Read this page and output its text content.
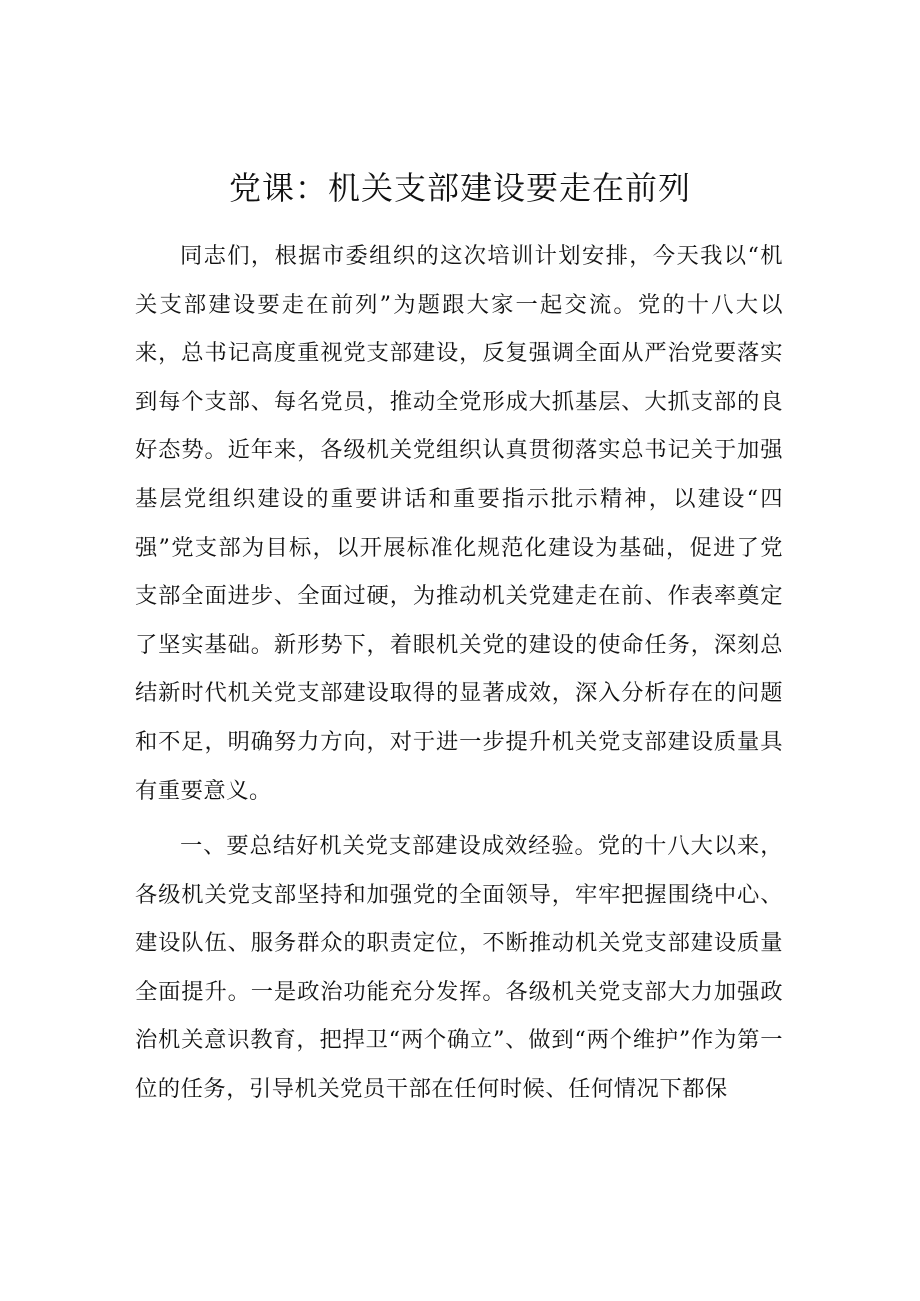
党课：机关支部建设要走在前列

同志们，根据市委组织的这次培训计划安排，今天我以“机关支部建设要走在前列”为题跟大家一起交流。党的十八大以来，总书记高度重视党支部建设，反复强调全面从严治党要落实到每个支部、每名党员，推动全党形成大抓基层、大抓支部的良好态势。近年来，各级机关党组织认真贯彻落实总书记关于加强基层党组织建设的重要讲话和重要指示批示精神，以建设“四强”党支部为目标，以开展标准化规范化建设为基础，促进了党支部全面进步、全面过硬，为推动机关党建走在前、作表率奠定了坚实基础。新形势下，着眼机关党的建设的使命任务，深刻总结新时代机关党支部建设取得的显著成效，深入分析存在的问题和不足，明确努力方向，对于进一步提升机关党支部建设质量具有重要意义。

一、要总结好机关党支部建设成效经验。党的十八大以来，各级机关党支部坚持和加强党的全面领导，牢牢把握围绕中心、建设队伍、服务群众的职责定位，不断推动机关党支部建设质量全面提升。一是政治功能充分发挥。各级机关党支部大力加强政治机关意识教育，把捍卫“两个确立”、做到“两个维护”作为第一位的任务，引导机关党员干部在任何时候、任何情况下都保
